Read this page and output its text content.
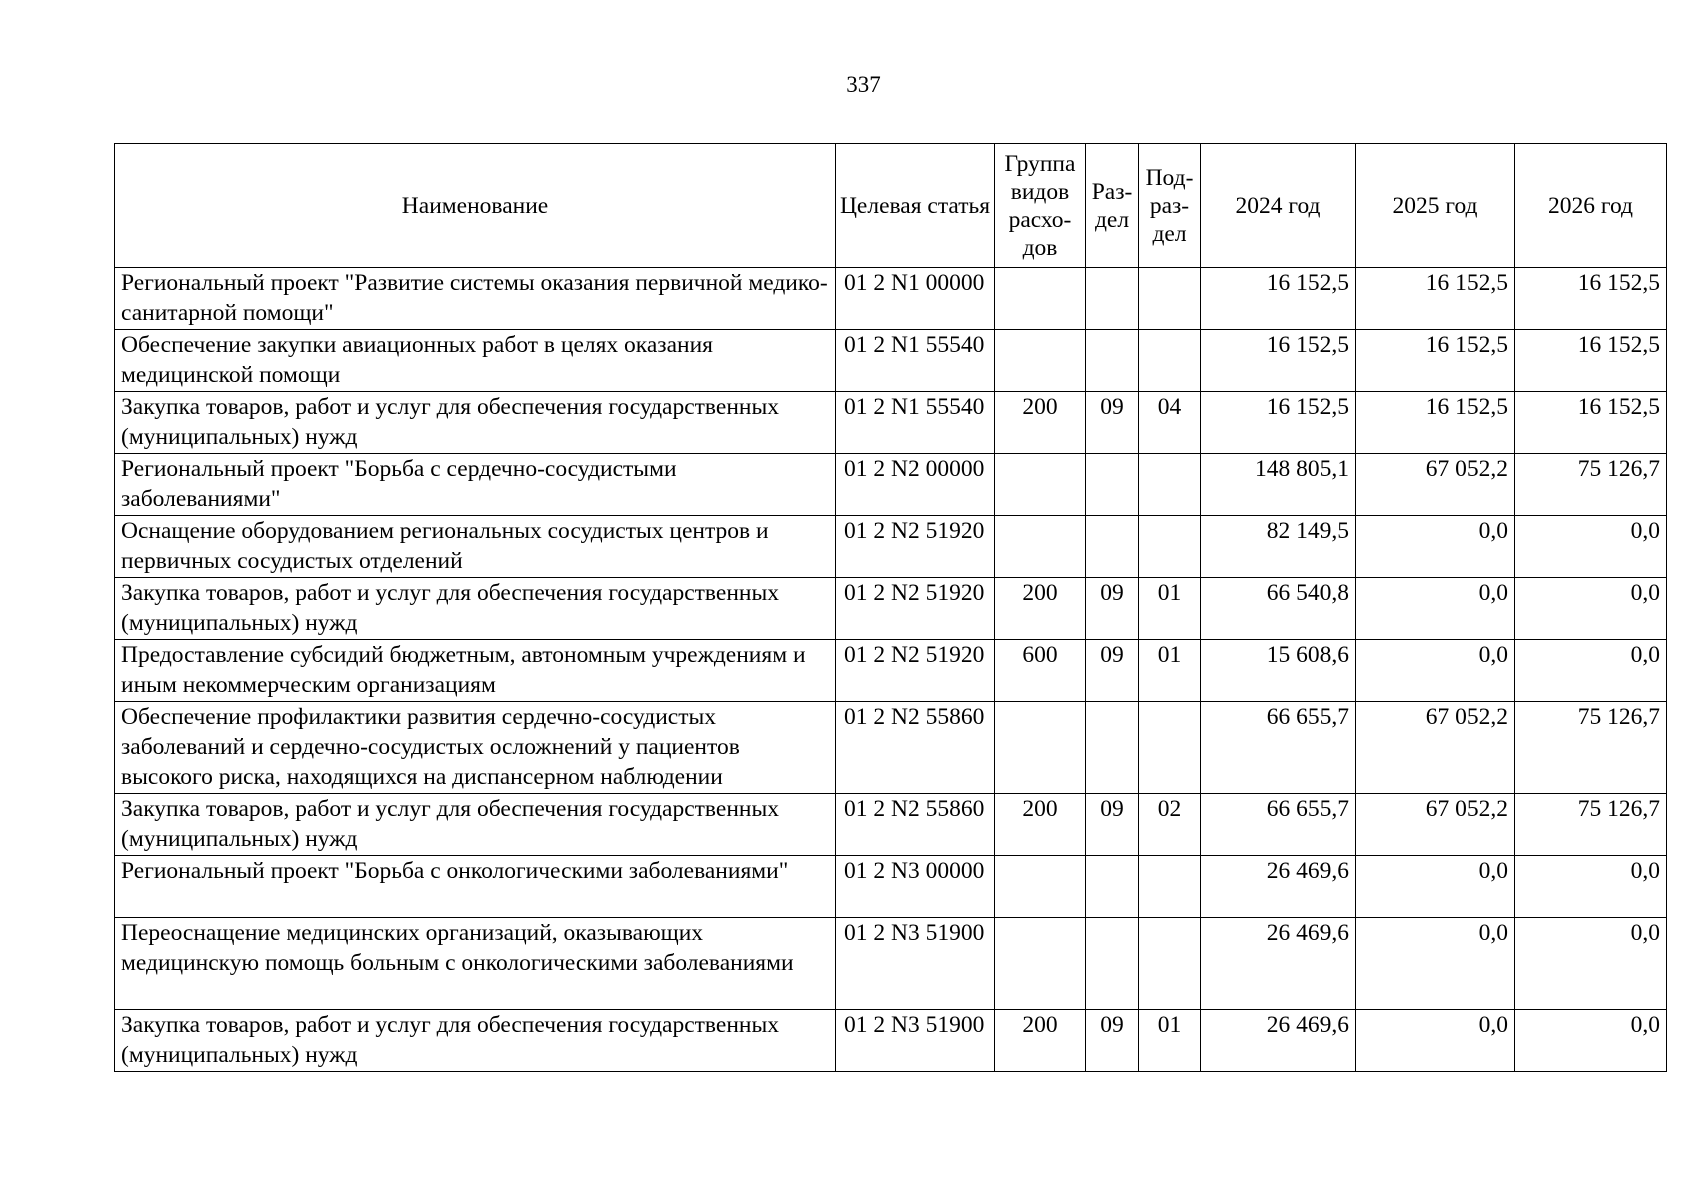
337
Наименование	Целевая статья	Группа видов расхо-дов	Раз-дел	Под-раз-дел	2024 год	2025 год	2026 год
Региональный проект "Развитие системы оказания первичной медико-санитарной помощи"	01 2 N1 00000				16 152,5	16 152,5	16 152,5
Обеспечение закупки авиационных работ в целях оказания медицинской помощи	01 2 N1 55540				16 152,5	16 152,5	16 152,5
Закупка товаров, работ и услуг для обеспечения государственных (муниципальных) нужд	01 2 N1 55540	200	09	04	16 152,5	16 152,5	16 152,5
Региональный проект "Борьба с сердечно-сосудистыми заболеваниями"	01 2 N2 00000				148 805,1	67 052,2	75 126,7
Оснащение оборудованием региональных сосудистых центров и первичных сосудистых отделений	01 2 N2 51920				82 149,5	0,0	0,0
Закупка товаров, работ и услуг для обеспечения государственных (муниципальных) нужд	01 2 N2 51920	200	09	01	66 540,8	0,0	0,0
Предоставление субсидий бюджетным, автономным учреждениям и иным некоммерческим организациям	01 2 N2 51920	600	09	01	15 608,6	0,0	0,0
Обеспечение профилактики развития сердечно-сосудистых заболеваний и сердечно-сосудистых осложнений у пациентов высокого риска, находящихся на диспансерном наблюдении	01 2 N2 55860				66 655,7	67 052,2	75 126,7
Закупка товаров, работ и услуг для обеспечения государственных (муниципальных) нужд	01 2 N2 55860	200	09	02	66 655,7	67 052,2	75 126,7
Региональный проект "Борьба с онкологическими заболеваниями"	01 2 N3 00000				26 469,6	0,0	0,0
Переоснащение медицинских организаций, оказывающих медицинскую помощь больным с онкологическими заболеваниями	01 2 N3 51900				26 469,6	0,0	0,0
Закупка товаров, работ и услуг для обеспечения государственных (муниципальных) нужд	01 2 N3 51900	200	09	01	26 469,6	0,0	0,0
